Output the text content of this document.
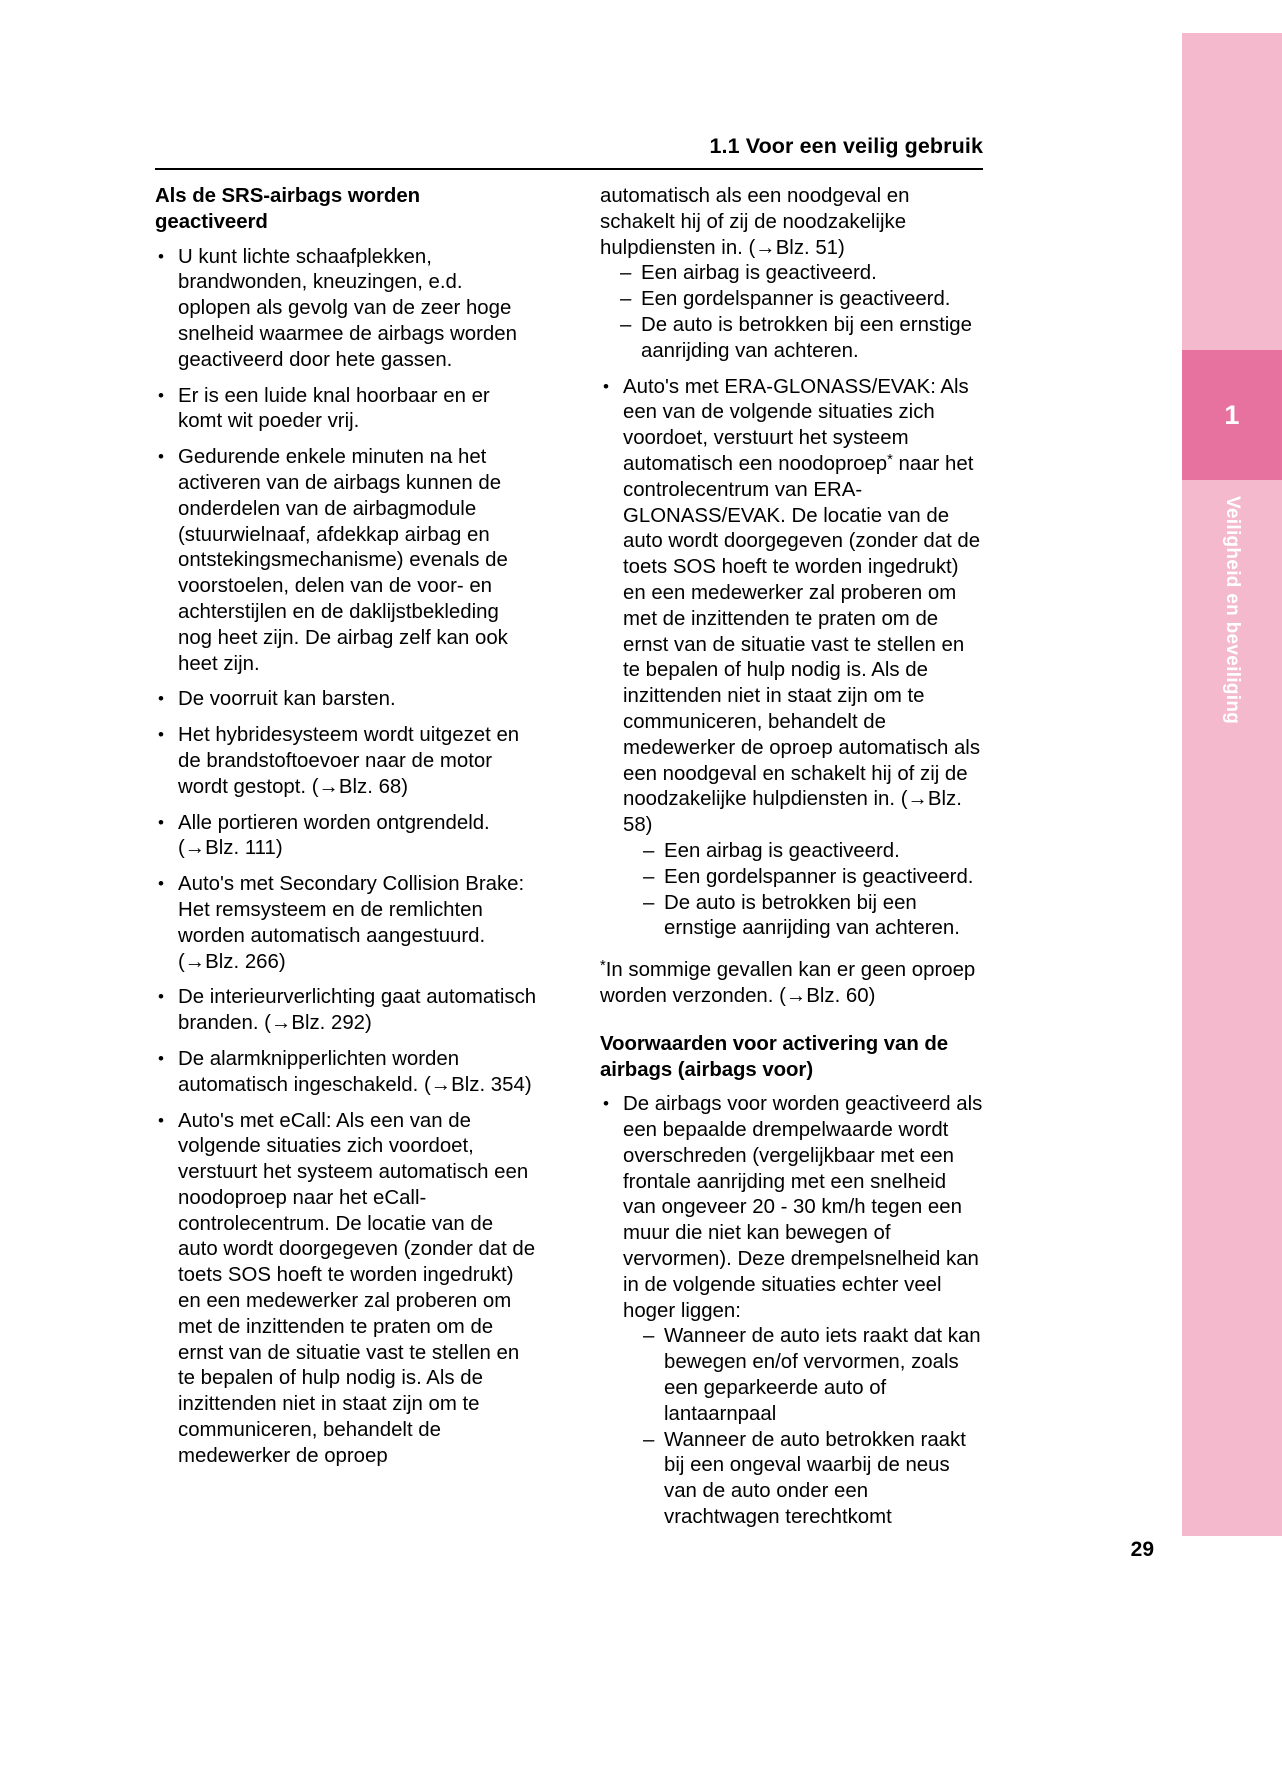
1
Veiligheid en beveiliging
1.1 Voor een veilig gebruik
Als de SRS-airbags worden geactiveerd
• U kunt lichte schaafplekken, brandwonden, kneuzingen, e.d. oplopen als gevolg van de zeer hoge snelheid waarmee de airbags worden geactiveerd door hete gassen.
• Er is een luide knal hoorbaar en er komt wit poeder vrij.
• Gedurende enkele minuten na het activeren van de airbags kunnen de onderdelen van de airbagmodule (stuurwielnaaf, afdekkap airbag en ontstekingsmechanisme) evenals de voorstoelen, delen van de voor- en achterstijlen en de daklijstbekleding nog heet zijn. De airbag zelf kan ook heet zijn.
• De voorruit kan barsten.
• Het hybridesysteem wordt uitgezet en de brandstoftoevoer naar de motor wordt gestopt. (→Blz. 68)
• Alle portieren worden ontgrendeld. (→Blz. 111)
• Auto's met Secondary Collision Brake: Het remsysteem en de remlichten worden automatisch aangestuurd. (→Blz. 266)
• De interieurverlichting gaat automatisch branden. (→Blz. 292)
• De alarmknipperlichten worden automatisch ingeschakeld. (→Blz. 354)
• Auto's met eCall: Als een van de volgende situaties zich voordoet, verstuurt het systeem automatisch een noodoproep naar het eCall-controlecentrum. De locatie van de auto wordt doorgegeven (zonder dat de toets SOS hoeft te worden ingedrukt) en een medewerker zal proberen om met de inzittenden te praten om de ernst van de situatie vast te stellen en te bepalen of hulp nodig is. Als de inzittenden niet in staat zijn om te communiceren, behandelt de medewerker de oproep
automatisch als een noodgeval en schakelt hij of zij de noodzakelijke hulpdiensten in. (→Blz. 51)
– Een airbag is geactiveerd.
– Een gordelspanner is geactiveerd.
– De auto is betrokken bij een ernstige aanrijding van achteren.
• Auto's met ERA-GLONASS/EVAK: Als een van de volgende situaties zich voordoet, verstuurt het systeem automatisch een noodoproep* naar het controlecentrum van ERA-GLONASS/EVAK. De locatie van de auto wordt doorgegeven (zonder dat de toets SOS hoeft te worden ingedrukt) en een medewerker zal proberen om met de inzittenden te praten om de ernst van de situatie vast te stellen en te bepalen of hulp nodig is. Als de inzittenden niet in staat zijn om te communiceren, behandelt de medewerker de oproep automatisch als een noodgeval en schakelt hij of zij de noodzakelijke hulpdiensten in. (→Blz. 58)
– Een airbag is geactiveerd.
– Een gordelspanner is geactiveerd.
– De auto is betrokken bij een ernstige aanrijding van achteren.

*In sommige gevallen kan er geen oproep worden verzonden. (→Blz. 60)

Voorwaarden voor activering van de airbags (airbags voor)
• De airbags voor worden geactiveerd als een bepaalde drempelwaarde wordt overschreden (vergelijkbaar met een frontale aanrijding met een snelheid van ongeveer 20 - 30 km/h tegen een muur die niet kan bewegen of vervormen). Deze drempelsnelheid kan in de volgende situaties echter veel hoger liggen:
– Wanneer de auto iets raakt dat kan bewegen en/of vervormen, zoals een geparkeerde auto of lantaarnpaal
– Wanneer de auto betrokken raakt bij een ongeval waarbij de neus van de auto onder een vrachtwagen terechtkomt
29
